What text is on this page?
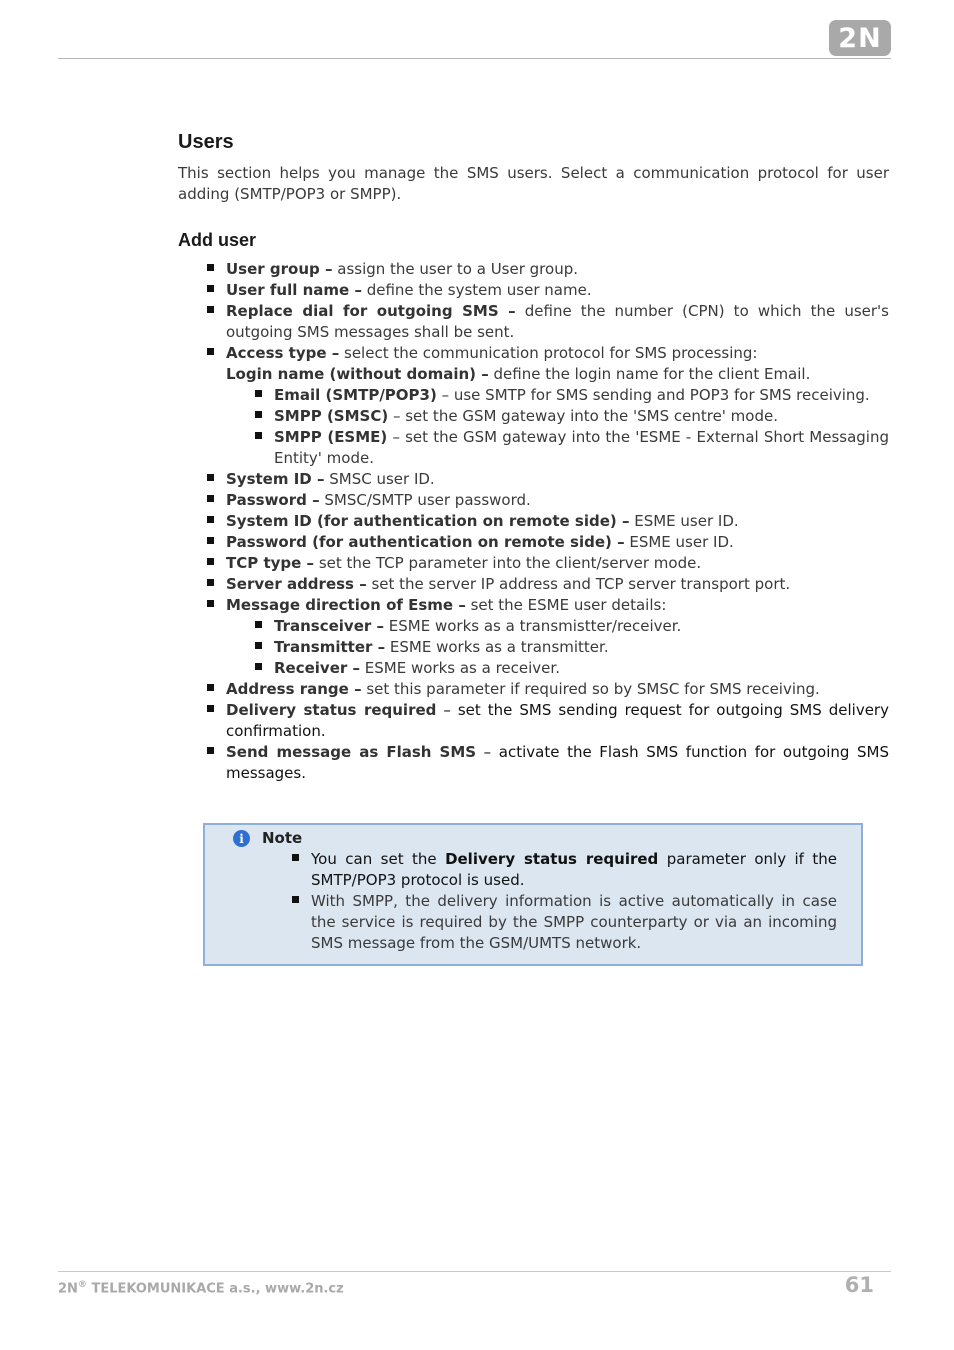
2N
Users

This section helps you manage the SMS users. Select a communication protocol for user adding (SMTP/POP3 or SMPP).

Add user
User group – assign the user to a User group.
User full name – define the system user name.
Replace dial for outgoing SMS – define the number (CPN) to which the user's outgoing SMS messages shall be sent.
Access type – select the communication protocol for SMS processing:
Login name (without domain) – define the login name for the client Email.
Email (SMTP/POP3) – use SMTP for SMS sending and POP3 for SMS receiving.
SMPP (SMSC) – set the GSM gateway into the 'SMS centre' mode.
SMPP (ESME) – set the GSM gateway into the 'ESME - External Short Messaging Entity' mode.
System ID – SMSC user ID.
Password – SMSC/SMTP user password.
System ID (for authentication on remote side) – ESME user ID.
Password (for authentication on remote side) – ESME user ID.
TCP type – set the TCP parameter into the client/server mode.
Server address – set the server IP address and TCP server transport port.
Message direction of Esme – set the ESME user details:
Transceiver – ESME works as a transmistter/receiver.
Transmitter – ESME works as a transmitter.
Receiver – ESME works as a receiver.
Address range – set this parameter if required so by SMSC for SMS receiving.
Delivery status required – set the SMS sending request for outgoing SMS delivery confirmation.
Send message as Flash SMS – activate the Flash SMS function for outgoing SMS messages.
i	Note
You can set the Delivery status required parameter only if the SMTP/POP3 protocol is used.
With SMPP, the delivery information is active automatically in case the service is required by the SMPP counterparty or via an incoming SMS message from the GSM/UMTS network.
2N® TELEKOMUNIKACE a.s., www.2n.cz	61
